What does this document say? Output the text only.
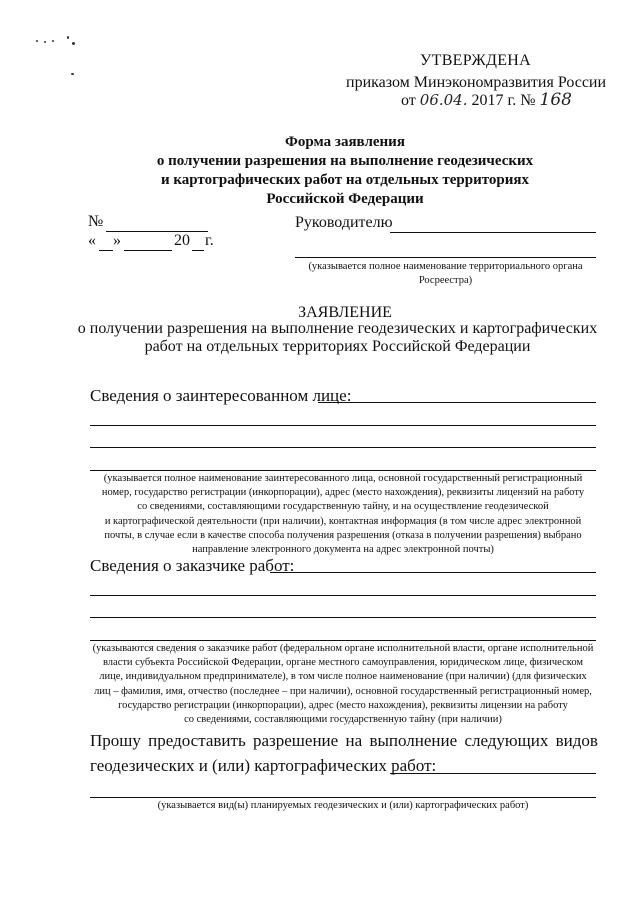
УТВЕРЖДЕНА
приказом Минэкономразвития России
от 06.04. 2017 г. № 168
Форма заявления
о получении разрешения на выполнение геодезических
и картографических работ на отдельных территориях
Российской Федерации
№
« »	20 г.
Руководителю
(указывается полное наименование территориального органа
Росреестра)
ЗАЯВЛЕНИЕ
о получении разрешения на выполнение геодезических и картографических
работ на отдельных территориях Российской Федерации
Сведения о заинтересованном лице:
(указывается полное наименование заинтересованного лица, основной государственный регистрационный
номер, государство регистрации (инкорпорации), адрес (место нахождения), реквизиты лицензий на работу
со сведениями, составляющими государственную тайну, и на осуществление геодезической
и картографической деятельности (при наличии), контактная информация (в том числе адрес электронной
почты, в случае если в качестве способа получения разрешения (отказа в получении разрешения) выбрано
направление электронного документа на адрес электронной почты)
Сведения о заказчике работ:
(указываются сведения о заказчике работ (федеральном органе исполнительной власти, органе исполнительной
власти субъекта Российской Федерации, органе местного самоуправления, юридическом лице, физическом
лице, индивидуальном предпринимателе), в том числе полное наименование (при наличии) (для физических
лиц – фамилия, имя, отчество (последнее – при наличии), основной государственный регистрационный номер,
государство регистрации (инкорпорации), адрес (место нахождения), реквизиты лицензии на работу
со сведениями, составляющими государственную тайну (при наличии)
Прошу предоставить разрешение на выполнение следующих видов
геодезических и (или) картографических работ:
(указывается вид(ы) планируемых геодезических и (или) картографических работ)
